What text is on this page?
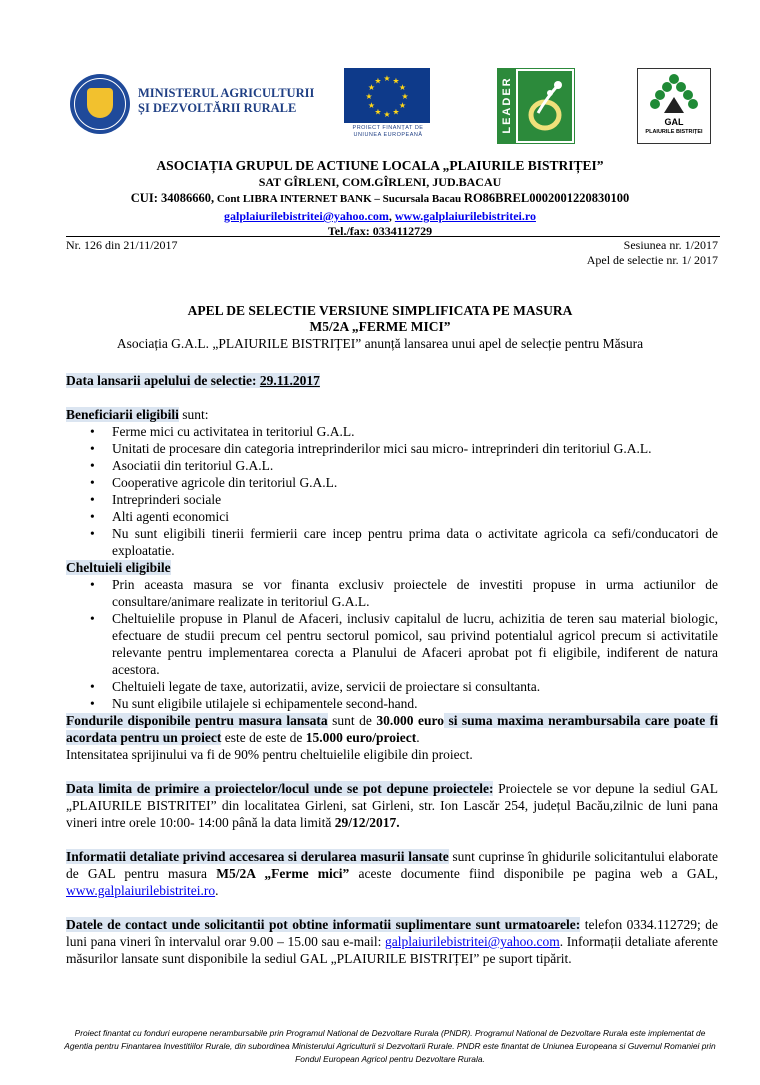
MINISTERUL AGRICULTURII
ȘI DEZVOLTĂRII RURALE
★ ★
★
★
★
★
★
★
★
★
★
★
PROIECT FINANȚAT DE UNIUNEA EUROPEANĂ
LEADER	GAL
PLAIURILE BISTRIȚEI
ASOCIAȚIA GRUPUL DE ACTIUNE LOCALA „PLAIURILE BISTRIȚEI”
SAT GÎRLENI, COM.GÎRLENI, JUD.BACAU
CUI: 34086660, Cont LIBRA INTERNET BANK – Sucursala Bacau RO86BREL0002001220830100
galplaiurilebistritei@yahoo.com, www.galplaiurilebistritei.ro
Tel./fax: 0334112729
Nr. 126 din 21/11/2017	Sesiunea nr. 1/2017
Apel de selectie nr. 1/ 2017
APEL DE SELECTIE VERSIUNE SIMPLIFICATA PE MASURA
M5/2A „FERME MICI”
Asociația G.A.L. „PLAIURILE BISTRIȚEI” anunță lansarea unui apel de selecție pentru Măsura

Data lansarii apelului de selectie: 29.11.2017

Beneficiarii eligibili sunt:

• Ferme mici cu activitatea in teritoriul G.A.L.
• Unitati de procesare din categoria intreprinderilor mici sau micro- intreprinderi din teritoriul G.A.L.
• Asociatii din teritoriul G.A.L.
• Cooperative agricole din teritoriul G.A.L.
• Intreprinderi sociale
• Alti agenti economici
• Nu sunt eligibili tinerii fermierii care incep pentru prima data o activitate agricola ca sefi/conducatori de exploatatie.

Cheltuieli eligibile

• Prin aceasta masura se vor finanta exclusiv proiectele de investiti propuse in urma actiunilor de consultare/animare realizate in teritoriul G.A.L.
• Cheltuielile propuse in Planul de Afaceri, inclusiv capitalul de lucru, achizitia de teren sau material biologic, efectuare de studii precum cel pentru sectorul pomicol, sau privind potentialul agricol precum si activitatile relevante pentru implementarea corecta a Planului de Afaceri aprobat pot fi eligibile, indiferent de natura acestora.
• Cheltuieli legate de taxe, autorizatii, avize, servicii de proiectare si consultanta.
• Nu sunt eligibile utilajele si echipamentele second-hand.

Fondurile disponibile pentru masura lansata sunt de 30.000 euro si suma maxima nerambursabila care poate fi acordata pentru un proiect este de este de 15.000 euro/proiect.

Intensitatea sprijinului va fi de 90% pentru cheltuielile eligibile din proiect.

Data limita de primire a proiectelor/locul unde se pot depune proiectele: Proiectele se vor depune la sediul GAL „PLAIURILE BISTRITEI” din localitatea Girleni, sat Girleni, str. Ion Lascăr 254, județul Bacău,zilnic de luni pana vineri intre orele 10:00- 14:00 până la data limită 29/12/2017.

Informatii detaliate privind accesarea si derularea masurii lansate sunt cuprinse în ghidurile solicitantului elaborate de GAL pentru masura M5/2A „Ferme mici” aceste documente fiind disponibile pe pagina web a GAL, www.galplaiurilebistritei.ro.

Datele de contact unde solicitantii pot obtine informatii suplimentare sunt urmatoarele: telefon 0334.112729; de luni pana vineri în intervalul orar 9.00 – 15.00 sau e-mail: galplaiurilebistritei@yahoo.com. Informații detaliate aferente măsurilor lansate sunt disponibile la sediul GAL „PLAIURILE BISTRIȚEI” pe suport tipărit.

Proiect finantat cu fonduri europene nerambursabile prin Programul National de Dezvoltare Rurala (PNDR). Programul National de Dezvoltare Rurala este implementat de Agentia pentru Finantarea Investitiilor Rurale, din subordinea Ministerului Agriculturii si Dezvoltarii Rurale. PNDR este finantat de Uniunea Europeana si Guvernul Romaniei prin Fondul European Agricol pentru Dezvoltare Rurala.
